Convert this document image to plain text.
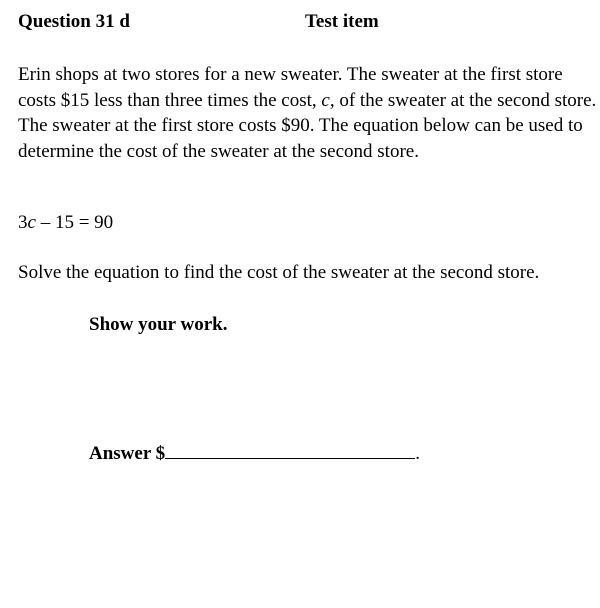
Question 31 d	Test item
Erin shops at two stores for a new sweater. The sweater at the first store costs $15 less than three times the cost, c, of the sweater at the second store. The sweater at the first store costs $90. The equation below can be used to determine the cost of the sweater at the second store.
3c – 15 = 90
Solve the equation to find the cost of the sweater at the second store.
Show your work.
Answer $	.
